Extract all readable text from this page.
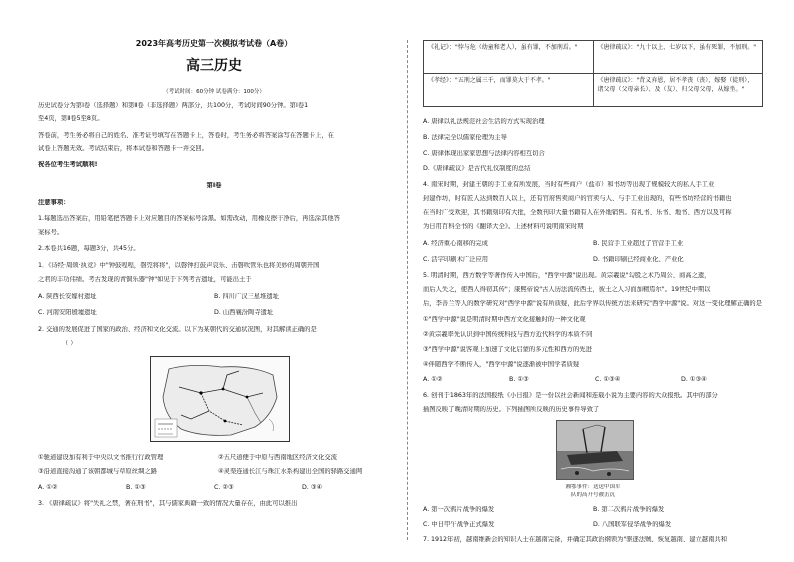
2023年高考历史第一次模拟考试卷（A卷）
高三历史
（考试时间：60分钟 试卷满分：100分）
历史试卷分为第Ⅰ卷（选择题）和第Ⅱ卷（非选择题）两部分，共100分，考试时间90分钟。第Ⅰ卷1
至4页，第Ⅱ卷5至8页。
答卷前，考生务必将自己的姓名、准考证号填写在答题卡上，答卷时，考生务必将答案涂写在答题卡上，在
试卷上答题无效。考试结束后，将本试卷和答题卡一并交回。
祝各位考生考试顺利!
第Ⅰ卷
注意事项：
1.每题选出答案后，用铅笔把答题卡上对应题目的答案标号涂黑。如需改动，用橡皮擦干净后，再选涂其他答
案标号。
2.本卷共16题，每题3分，共45分。
1．《诗经·周颂·执竞》中"钟鼓喤喤，磬筦将将"，以磬钟打鼓声哀乐、击磬吹管乐也将美妙的周朝开国
之君的丰功伟绩。考古发现的青铜乐器"钟"如见于下列考古遗址，可能出土于
A. 陕西长安嫁村遗址	B. 四川广汉三星堆遗址
C. 河南安阳殷墟遗址	D. 山西襄汾陶寺遗址
2. 交通的发展促进了国家的政治、经济和文化交流。以下为某朝代的交通状况图，对其解读正确的是
（ ）
①驰道建设加有利于中央以文书推行行政管理	②五尺道便于中原与西南地区经济文化交流
③沿道直接沟通了该朝都城与草原丝绸之路	④灵渠连通长江与珠江水系构建出全国的驿路交通网
A. ①②	B. ①③	C. ②③	D. ③④
3. 《唐律疏议》将"失礼之禁，著在刑书"，其与儒家典籍一致的情况大量存在，由此可以推出
《礼记》："悖与危（幼童和老人），虽有罪，不加刑焉。"	《唐律疏议》："九十以上、七岁以下，虽有死罪，不加刑。"
《孝经》："五刑之属三千，而罪莫大于不孝。"	《唐律疏议》："背义弃恩，居不孝丧（丧）、嫁娶（徒刑），诸父母（父母亲长）、及（友）、归父母父母，从嫁坐。"
A. 唐律以礼法规范社会生活的方式实现治理
B. 法律完全以儒家伦理为主导
C. 唐律体现出家家思想与法律内容相互切合
D.《唐律疏议》是古代礼仪制度的总结
4. 南宋时期，封建王朝的手工业有所发展，当时有些商户（盐市）和书坊等出现了规模较大的私人手工业
封建作坊，时有匠人达到数百人以上，还有官府售卖商户的官卖与人、与手工业出现的，有些书坊经营的书籍也
在当时广受欢迎，其书籍刻印有大批，全数刊印大量书籍有人在外地销售。有礼书、乐书、地书、西方以及可称
为日用百科全书的《翻译大全》。上述材料可说明南宋时期
A. 经济重心南移的完成	B. 民营手工业超过了官营手工业
C. 活字印刷术广泛应用	D. 书籍印刷已经商业化、产业化
5. 明清时期，西方数学等著作传入中国后，"西学中源"说出现。黄宗羲说"勾股之术乃周公、商高之遗，
而后人失之，使西人得窃其传"；康熙帝说"古人历法流传西土，彼土之人习而加精焉尔"。19世纪中期以
后，李善兰等人的数学研究对"西学中源"说有所质疑，此后学界以传统方法来研究"西学中源"说。对这一变化理解正确的是
①"西学中源"说是明清时期中西方文化接触时的一种文化观
②黄宗羲率先认识到中国传统科技与西方近代科学的本质不同
③"西学中源"说客观上加速了文化启蒙的多元性和西方的先进
④伴随西学不断传入，"西学中源"说逐渐被中国学者质疑
A. ①②	B. ①③	C. ①③④	D. ①③④
6. 创刊于1863年的法国报纸《小日报》是一份以社会新闻和连载小说为主要内容的大众报纸。其中的部分
插图反映了晚清时期的历史。下列插图所反映的历史事件导致了
湘鄂事件：送送中国军
队的高升号被击沉
A. 第一次鸦片战争的爆发	B. 第二次鸦片战争的爆发
C. 中日甲午战争正式爆发	D. 八国联军侵华战争的爆发
7. 1912年初，越南维新会的知识人士在越南完备，并确定其政治纲领为"驱逐法贼、恢复越南、建立越南共和
